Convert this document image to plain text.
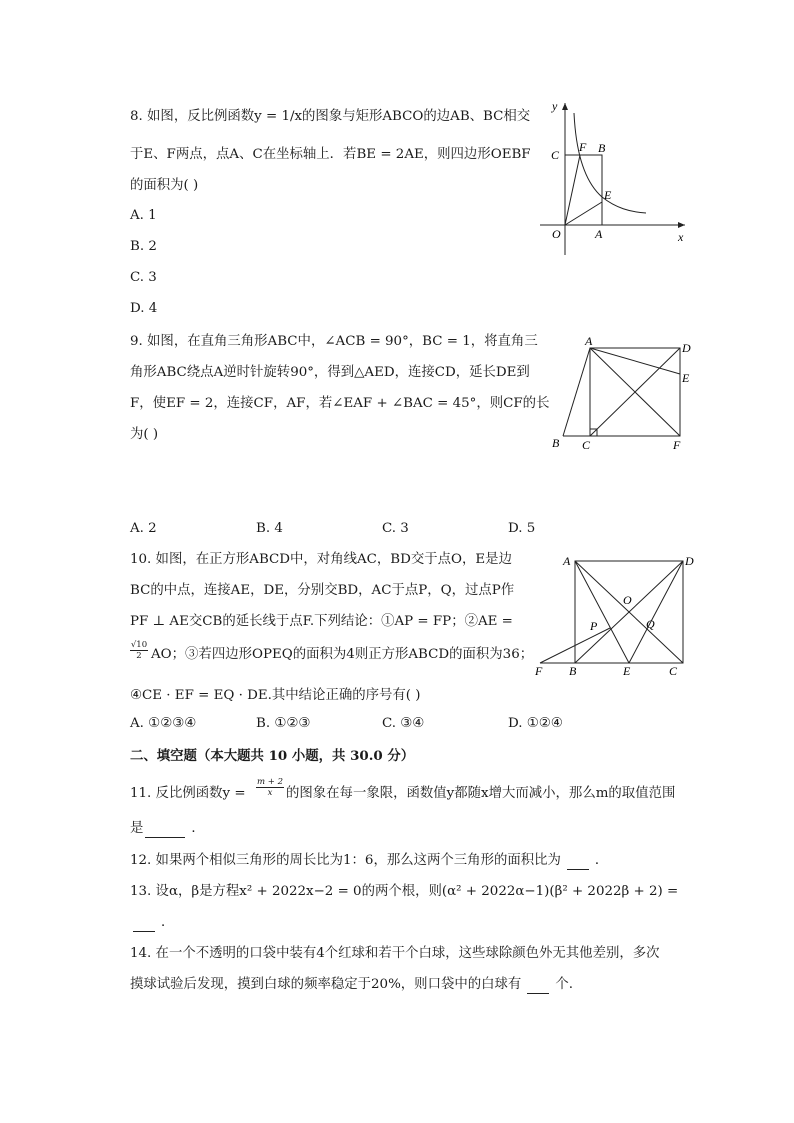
8. 如图，反比例函数y = 1/x的图象与矩形ABCO的边AB、BC相交
于E、F两点，点A、C在坐标轴上．若BE = 2AE，则四边形OEBF
的面积为( )
A. 1
B. 2
C. 3
D. 4
y
x
O	A
B
C
E
F
9. 如图，在直角三角形ABC中，∠ACB = 90°，BC = 1，将直角三
角形ABC绕点A逆时针旋转90°，得到△AED，连接CD，延长DE到
F，使EF = 2，连接CF，AF，若∠EAF + ∠BAC = 45°，则CF的长
为( )
A. 2	B. 4	C. 3	D. 5
A	D
E
B C	F
10. 如图，在正方形ABCD中，对角线AC，BD交于点O，E是边
BC的中点，连接AE，DE，分别交BD，AC于点P，Q，过点P作
PF ⊥ AE交CB的延长线于点F.下列结论：①AP = FP；②AE =
$\frac{√10}{2}$ AO；③若四边形OPEQ的面积为4则正方形ABCD的面积为36；
④CE · EF = EQ · DE.其中结论正确的序号有( )
A. ①②③④	B. ①②③	C. ③④	D. ①②④
A	D
O
P	Q
F B	E	C
二、填空题（本大题共 10 小题，共 30.0 分）
11. 反比例函数$y = \frac{m + 2}{x}$ 的图象在每一象限，函数值y都随x增大而减小，那么m的取值范围
是	．
12. 如果两个相似三角形的周长比为1：6，那么这两个三角形的面积比为	．
13. 设α，β是方程x² + 2022x−2 = 0的两个根，则(α² + 2022α−1)(β² + 2022β + 2) =
．
14. 在一个不透明的口袋中装有4个红球和若干个白球，这些球除颜色外无其他差别，多次
摸球试验后发现，摸到白球的频率稳定于20%，则口袋中的白球有	个.
